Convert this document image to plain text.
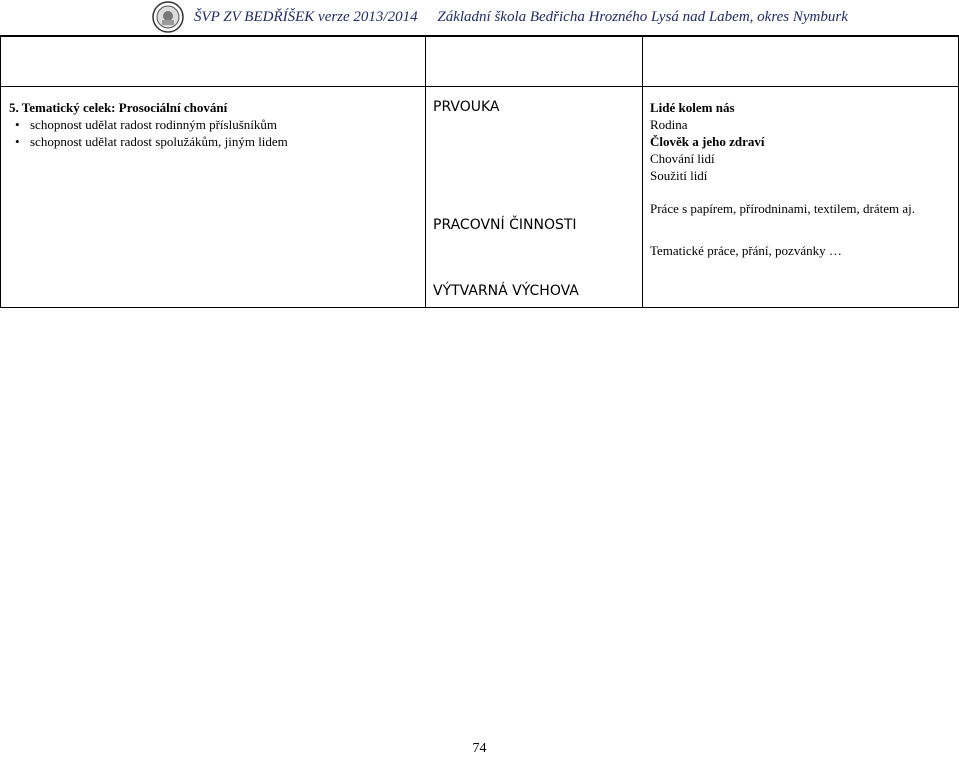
ŠVP ZV BEDŘÍŠEK verze 2013/2014 Základní škola Bedřicha Hrozného Lysá nad Labem, okres Nymburk
5. Tematický celek: Prosociální chování
• schopnost udělat radost rodinným příslušníkům
• schopnost udělat radost spolužákům, jiným lidem
PRVOUKA
PRACOVNÍ ČINNOSTI
VÝTVARNÁ VÝCHOVA
Lidé kolem nás
Rodina
Člověk a jeho zdraví
Chování lidí
Soužití lidí
Práce s papírem, přírodninami, textilem, drátem aj.
Tematické práce, přání, pozvánky …
74
